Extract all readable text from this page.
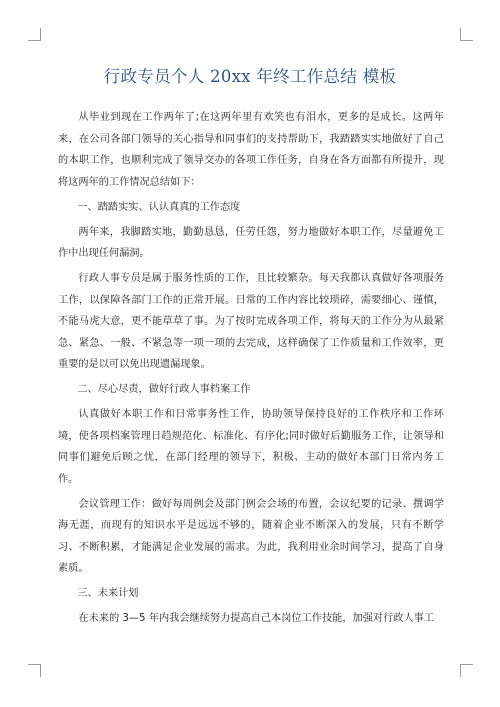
行政专员个人 20xx 年终工作总结 模板

从毕业到现在工作两年了;在这两年里有欢笑也有泪水，更多的是成长。这两年来，在公司各部门领导的关心指导和同事们的支持帮助下，我踏踏实实地做好了自己的本职工作，也顺利完成了领导交办的各项工作任务，自身在各方面都有所提升，现将这两年的工作情况总结如下：

一、踏踏实实、认认真真的工作态度

两年来，我脚踏实地，勤勤恳恳，任劳任怨，努力地做好本职工作，尽量避免工作中出现任何漏洞。

行政人事专员是属于服务性质的工作，且比较繁杂。每天我都认真做好各项服务工作，以保障各部门工作的正常开展。日常的工作内容比较琐碎，需要细心、谨慎，不能马虎大意，更不能草草了事。为了按时完成各项工作，将每天的工作分为从最紧急、紧急、一般、不紧急等一项一项的去完成，这样确保了工作质量和工作效率，更重要的是以可以免出现遗漏现象。

二、尽心尽责，做好行政人事档案工作

认真做好本职工作和日常事务性工作，协助领导保持良好的工作秩序和工作环境，使各项档案管理日趋规范化、标准化、有序化;同时做好后勤服务工作，让领导和同事们避免后顾之忧，在部门经理的领导下，积极、主动的做好本部门日常内务工作。

会议管理工作：做好每周例会及部门例会会场的布置，会议纪要的记录、撰调学海无涯，而现有的知识水平是远远不够的，随着企业不断深入的发展，只有不断学习、不断积累，才能满足企业发展的需求。为此，我利用业余时间学习，提高了自身素质。

三、未来计划

在未来的 3—5 年内我会继续努力提高自己本岗位工作技能，加强对行政人事工
